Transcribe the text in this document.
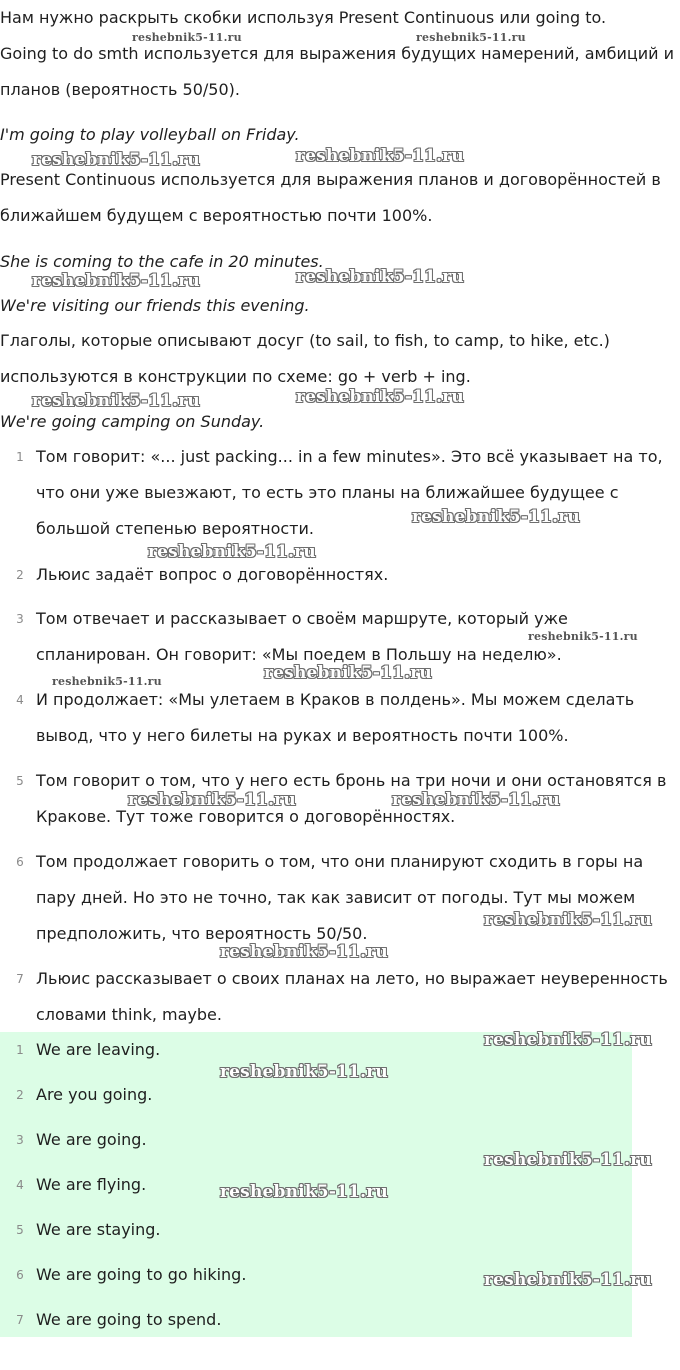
Нам нужно раскрыть скобки используя Present Continuous или going to.

Going to do smth используется для выражения будущих намерений, амбиций и

планов (вероятность 50/50).

I'm going to play volleyball on Friday.

Present Continuous используется для выражения планов и договорённостей в

ближайшем будущем с вероятностью почти 100%.

She is coming to the cafe in 20 minutes.

We're visiting our friends this evening.

Глаголы, которые описывают досуг (to sail, to fish, to camp, to hike, etc.)

используются в конструкции по схеме: go + verb + ing.

We're going camping on Sunday.

1 Том говорит: «... just packing... in a few minutes». Это всё указывает на то,

что они уже выезжают, то есть это планы на ближайшее будущее с

большой степенью вероятности.

2 Льюис задаёт вопрос о договорённостях.

3 Том отвечает и рассказывает о своём маршруте, который уже

спланирован. Он говорит: «Мы поедем в Польшу на неделю».

4 И продолжает: «Мы улетаем в Краков в полдень». Мы можем сделать

вывод, что у него билеты на руках и вероятность почти 100%.

5 Том говорит о том, что у него есть бронь на три ночи и они остановятся в

Кракове. Тут тоже говорится о договорённостях.

6 Том продолжает говорить о том, что они планируют сходить в горы на

пару дней. Но это не точно, так как зависит от погоды. Тут мы можем

предположить, что вероятность 50/50.

7 Льюис рассказывает о своих планах на лето, но выражает неуверенность

словами think, maybe.

1 We are leaving.

2 Are you going.

3 We are going.

4 We are flying.

5 We are staying.

6 We are going to go hiking.

7 We are going to spend.

reshebnik5-11.ru	reshebnik5-11.ru
reshebnik5-11.ru	reshebnik5-11.ru
reshebnik5-11.ru	reshebnik5-11.ru
reshebnik5-11.ru	reshebnik5-11.ru
reshebnik5-11.ru
reshebnik5-11.ru
reshebnik5-11.ru
reshebnik5-11.ru
reshebnik5-11.ru
reshebnik5-11.ru	reshebnik5-11.ru
reshebnik5-11.ru
reshebnik5-11.ru
reshebnik5-11.ru
reshebnik5-11.ru
reshebnik5-11.ru
reshebnik5-11.ru
reshebnik5-11.ru
